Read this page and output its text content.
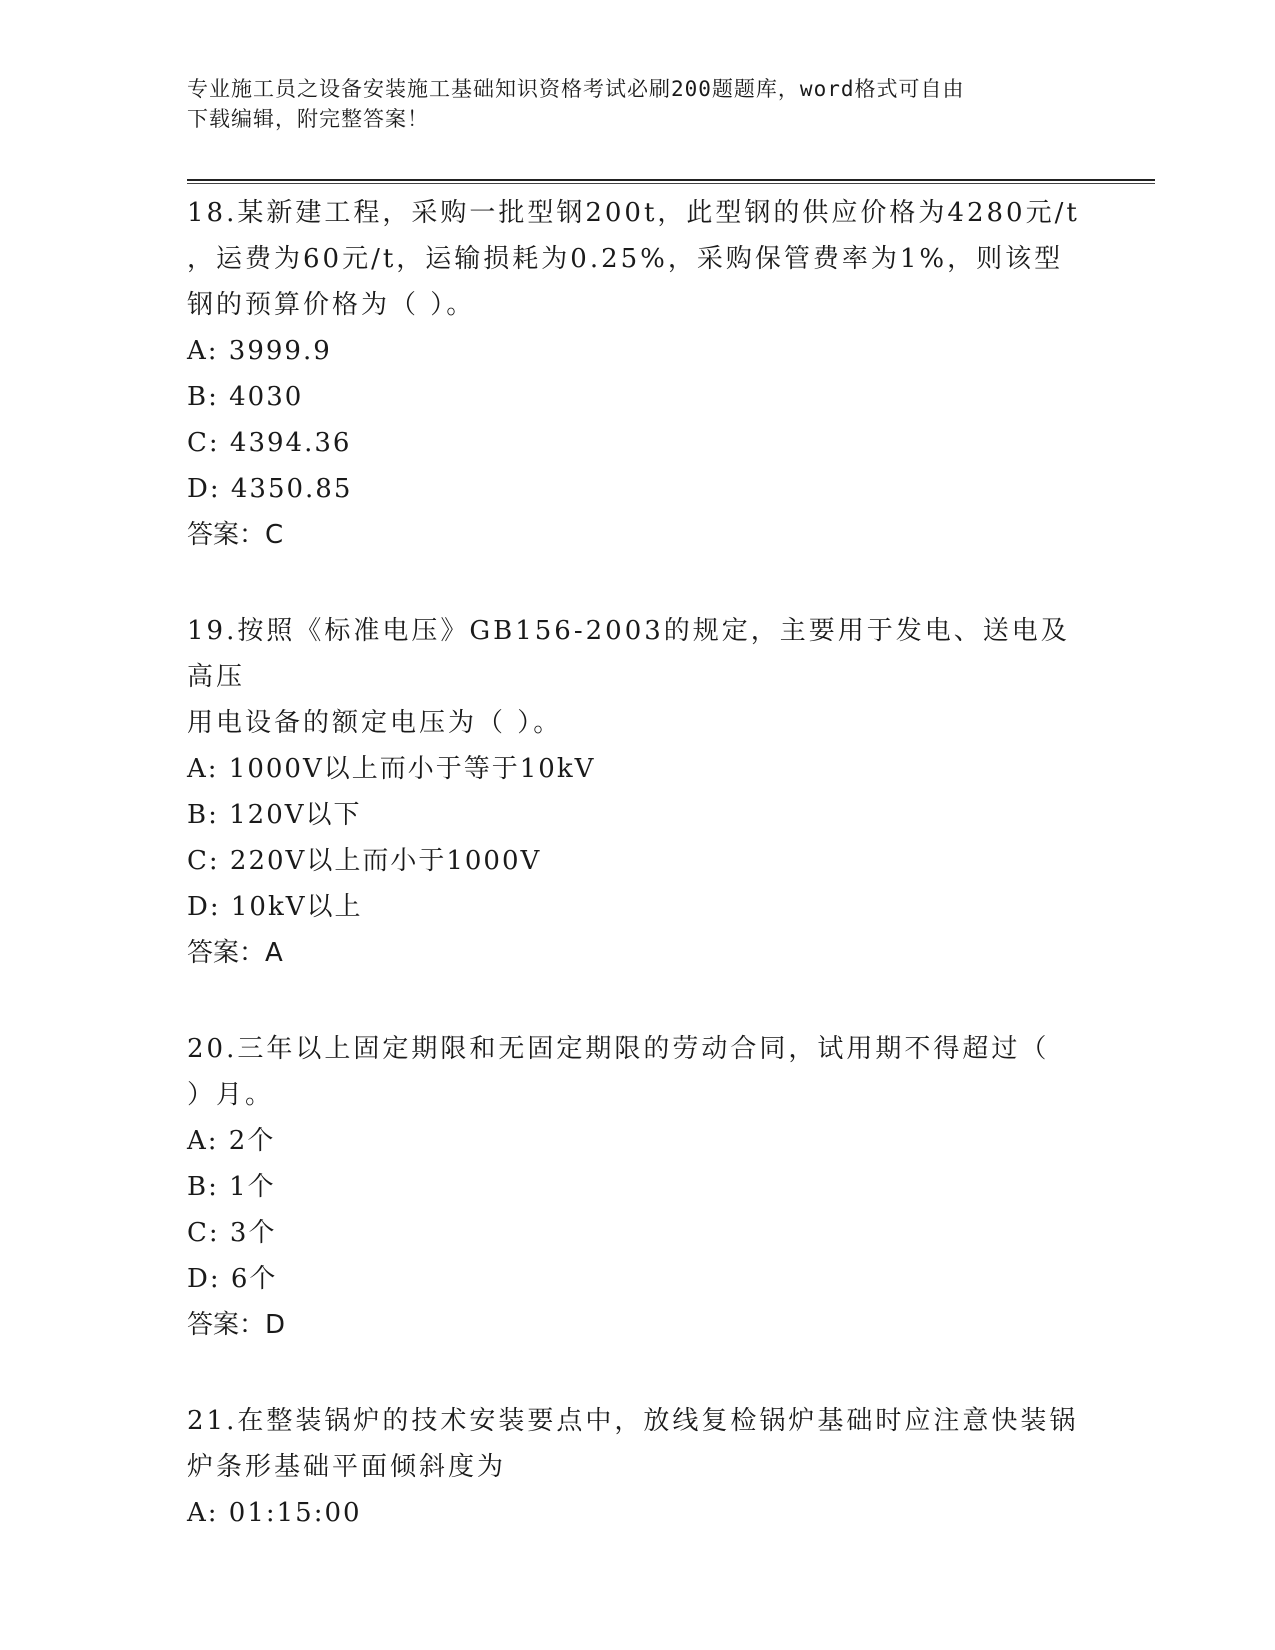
专业施工员之设备安装施工基础知识资格考试必刷200题题库，word格式可自由
下载编辑，附完整答案！
18.某新建工程，采购一批型钢200t，此型钢的供应价格为4280元/t
，运费为60元/t，运输损耗为0.25%，采购保管费率为1%，则该型
钢的预算价格为（ ）。
A: 3999.9
B: 4030
C: 4394.36
D: 4350.85
答案：C
19.按照《标准电压》GB156-2003的规定，主要用于发电、送电及高压
用电设备的额定电压为（ ）。
A: 1000V以上而小于等于10kV
B: 120V以下
C: 220V以上而小于1000V
D: 10kV以上
答案：A
20.三年以上固定期限和无固定期限的劳动合同，试用期不得超过（
）月。
A: 2个
B: 1个
C: 3个
D: 6个
答案：D
21.在整装锅炉的技术安装要点中，放线复检锅炉基础时应注意快装锅
炉条形基础平面倾斜度为
A: 01:15:00
